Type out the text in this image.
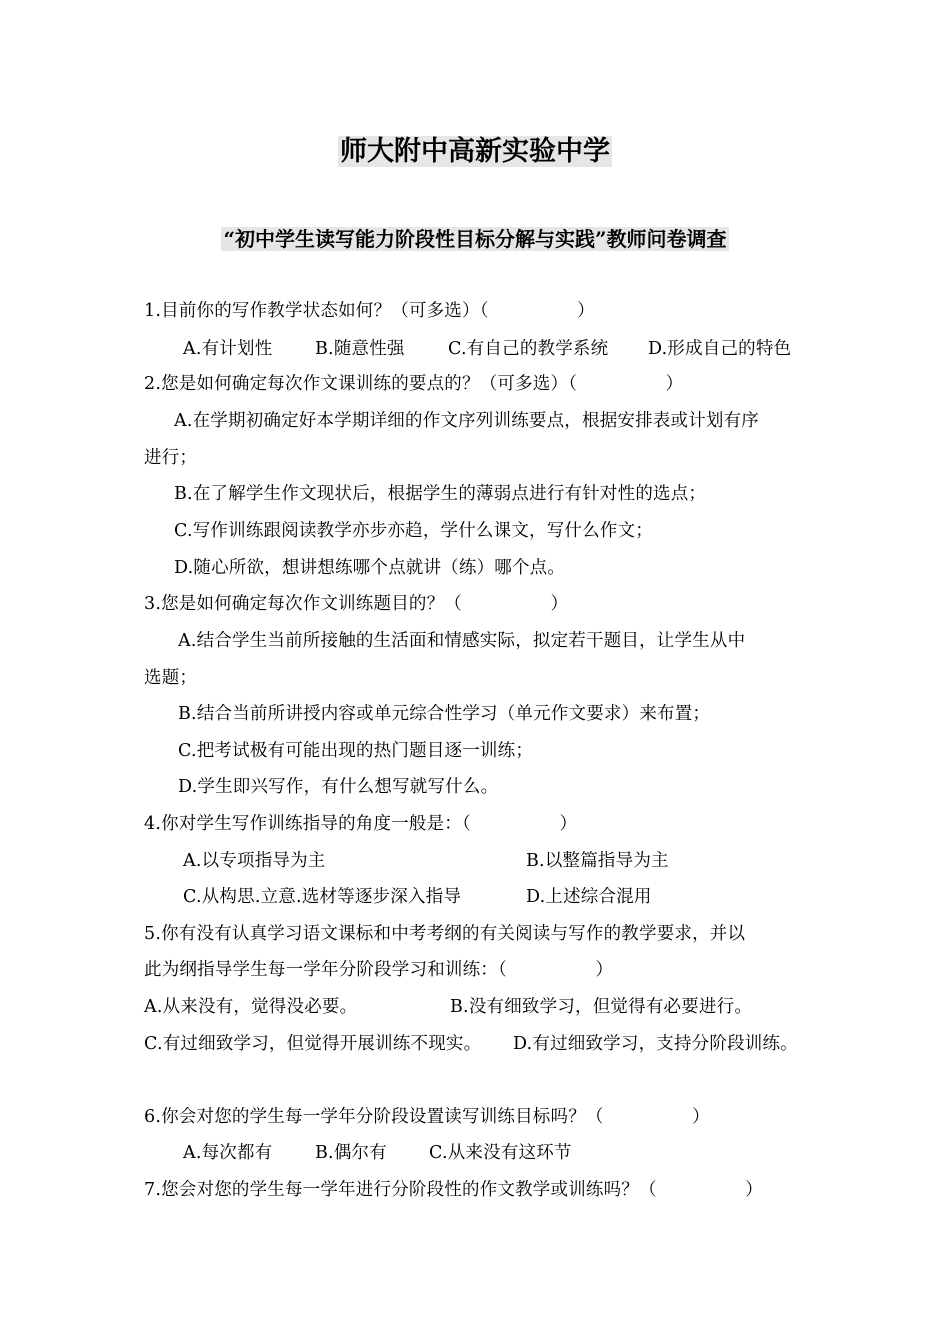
师大附中高新实验中学
“初中学生读写能力阶段性目标分解与实践”教师问卷调查
1.目前你的写作教学状态如何？（可多选）（　　　　　）
A.有计划性 B.随意性强 C.有自己的教学系统 D.形成自己的特色
2.您是如何确定每次作文课训练的要点的？（可多选）（　　　　　）
A.在学期初确定好本学期详细的作文序列训练要点，根据安排表或计划有序
进行；
B.在了解学生作文现状后，根据学生的薄弱点进行有针对性的选点；
C.写作训练跟阅读教学亦步亦趋，学什么课文，写什么作文；
D.随心所欲，想讲想练哪个点就讲（练）哪个点。
3.您是如何确定每次作文训练题目的？（　　　　　）
A.结合学生当前所接触的生活面和情感实际，拟定若干题目，让学生从中
选题；
B.结合当前所讲授内容或单元综合性学习（单元作文要求）来布置；
C.把考试极有可能出现的热门题目逐一训练；
D.学生即兴写作，有什么想写就写什么。
4.你对学生写作训练指导的角度一般是：（　　　　　）
A.以专项指导为主	B.以整篇指导为主
C.从构思.立意.选材等逐步深入指导	D.上述综合混用
5.你有没有认真学习语文课标和中考考纲的有关阅读与写作的教学要求，并以
此为纲指导学生每一学年分阶段学习和训练：（　　　　　）
A.从来没有，觉得没必要。	B.没有细致学习，但觉得有必要进行。
C.有过细致学习，但觉得开展训练不现实。 D.有过细致学习，支持分阶段训练。
6.你会对您的学生每一学年分阶段设置读写训练目标吗？（　　　　　）
A.每次都有 B.偶尔有 C.从来没有这环节
7.您会对您的学生每一学年进行分阶段性的作文教学或训练吗？（　　　　　）
